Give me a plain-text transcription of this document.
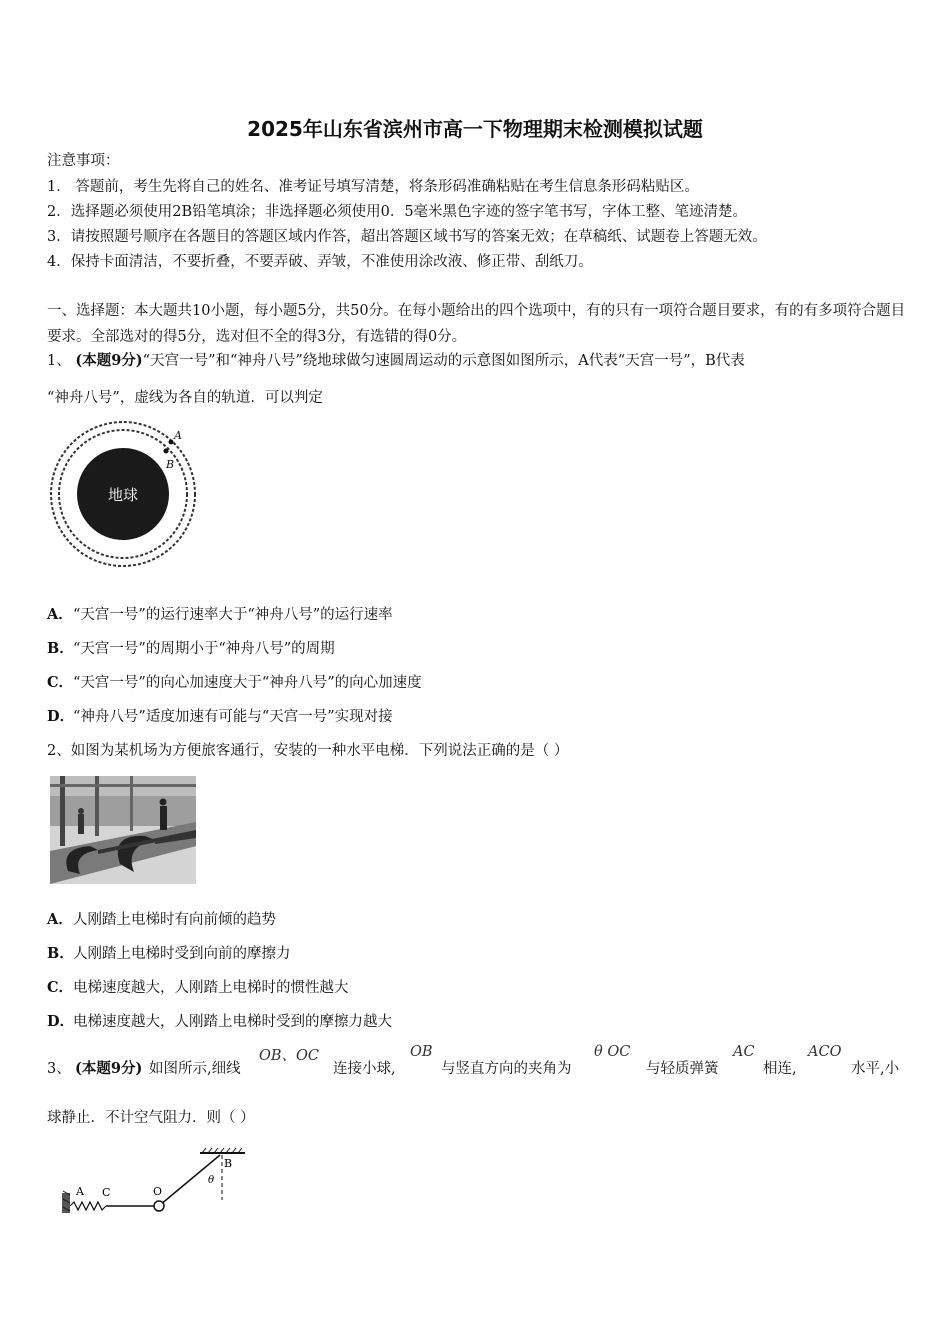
2025年山东省滨州市高一下物理期末检测模拟试题
注意事项：
1． 答题前，考生先将自己的姓名、准考证号填写清楚，将条形码准确粘贴在考生信息条形码粘贴区。
2．选择题必须使用2B铅笔填涂；非选择题必须使用0．5毫米黑色字迹的签字笔书写，字体工整、笔迹清楚。
3．请按照题号顺序在各题目的答题区域内作答，超出答题区域书写的答案无效；在草稿纸、试题卷上答题无效。
4．保持卡面清洁，不要折叠，不要弄破、弄皱，不准使用涂改液、修正带、刮纸刀。
一、选择题：本大题共10小题，每小题5分，共50分。在每小题给出的四个选项中，有的只有一项符合题目要求，有的有多项符合题目要求。全部选对的得5分，选对但不全的得3分，有选错的得0分。
1、 (本题9分)“天宫一号”和“神舟八号”绕地球做匀速圆周运动的示意图如图所示，A代表“天宫一号”，B代表
“神舟八号”，虚线为各自的轨道．可以判定
地球
A
B
A．“天宫一号”的运行速率大于“神舟八号”的运行速率
B．“天宫一号”的周期小于“神舟八号”的周期
C．“天宫一号”的向心加速度大于“神舟八号”的向心加速度
D．“神舟八号”适度加速有可能与“天宫一号”实现对接
2、如图为某机场为方便旅客通行，安装的一种水平电梯．下列说法正确的是（ ）
A．人刚踏上电梯时有向前倾的趋势
B．人刚踏上电梯时受到向前的摩擦力
C．电梯速度越大，人刚踏上电梯时的惯性越大
D．电梯速度越大，人刚踏上电梯时受到的摩擦力越大
3、 (本题9分) 如图所示,细线
OB、OC
连接小球,
OB
与竖直方向的夹角为
θ OC
与轻质弹簧
AC
相连,
ACO
水平,小
球静止．不计空气阻力．则（ ）
A C	O
B
θ
